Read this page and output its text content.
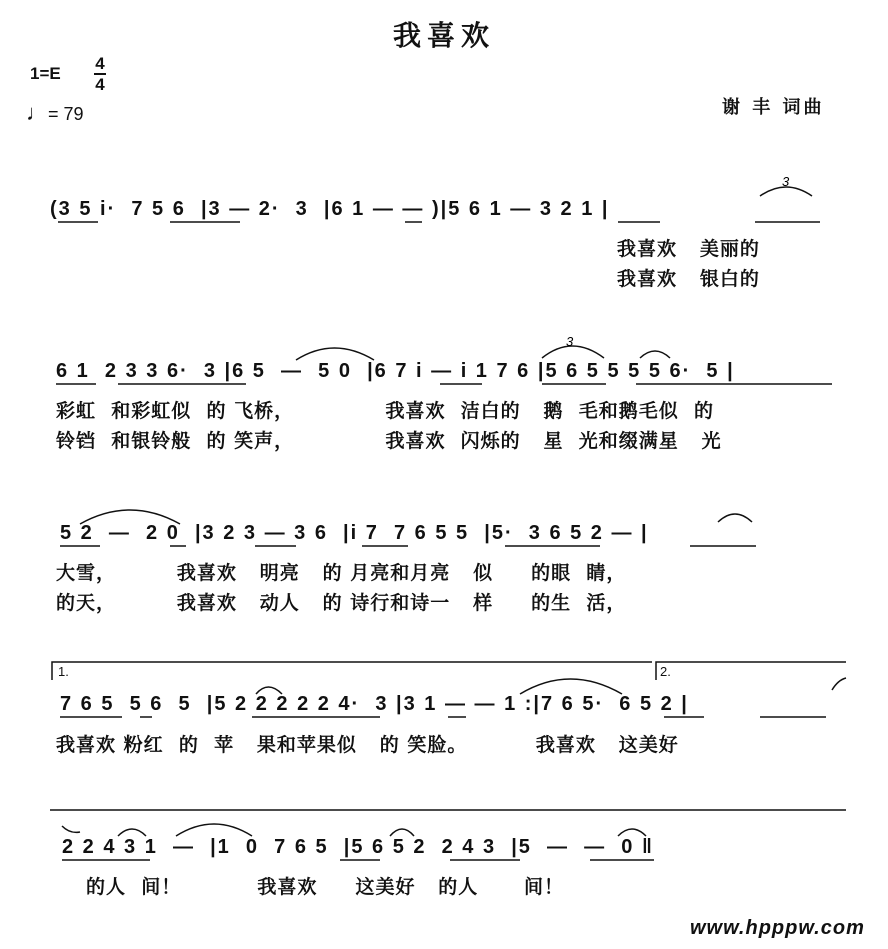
我喜欢
1=E
4
4
♩= 79	谢 丰 词曲
(3 5 i·  7 5 6  |3 — 2·  3  |6 1 — — )|5 6 1 — 3 2 1 |
我喜欢   美丽的
我喜欢   银白的
6 1  2 3 3 6·  3 |6 5  —  5 0  |6 7 i — i 1 7 6 |5 6 5 5 5 5 6·  5 |
彩虹  和彩虹似  的 飞桥，            我喜欢  洁白的   鹅  毛和鹅毛似  的
铃铛  和银铃般  的 笑声，            我喜欢  闪烁的   星  光和缀满星   光
5 2  —  2 0  |3 2 3 — 3 6  |i 7  7 6 5 5  |5·  3 6 5 2 — |
大雪，        我喜欢   明亮   的 月亮和月亮   似     的眼  睛，
的天，        我喜欢   动人   的 诗行和诗一   样     的生  活，
1.	2.
7 6 5  5 6  5  |5 2 2 2 2 2 4·  3 |3 1 — — 1 :|7 6 5·  6 5 2 |
我喜欢 粉红  的  苹   果和苹果似   的 笑脸。         我喜欢   这美好
2 2 4 3 1  —  |1  0  7 6 5  |5 6 5 2  2 4 3  |5  —  —  0 ‖
的人  间！          我喜欢     这美好   的人      间！
www.hpppw.com
3
3
